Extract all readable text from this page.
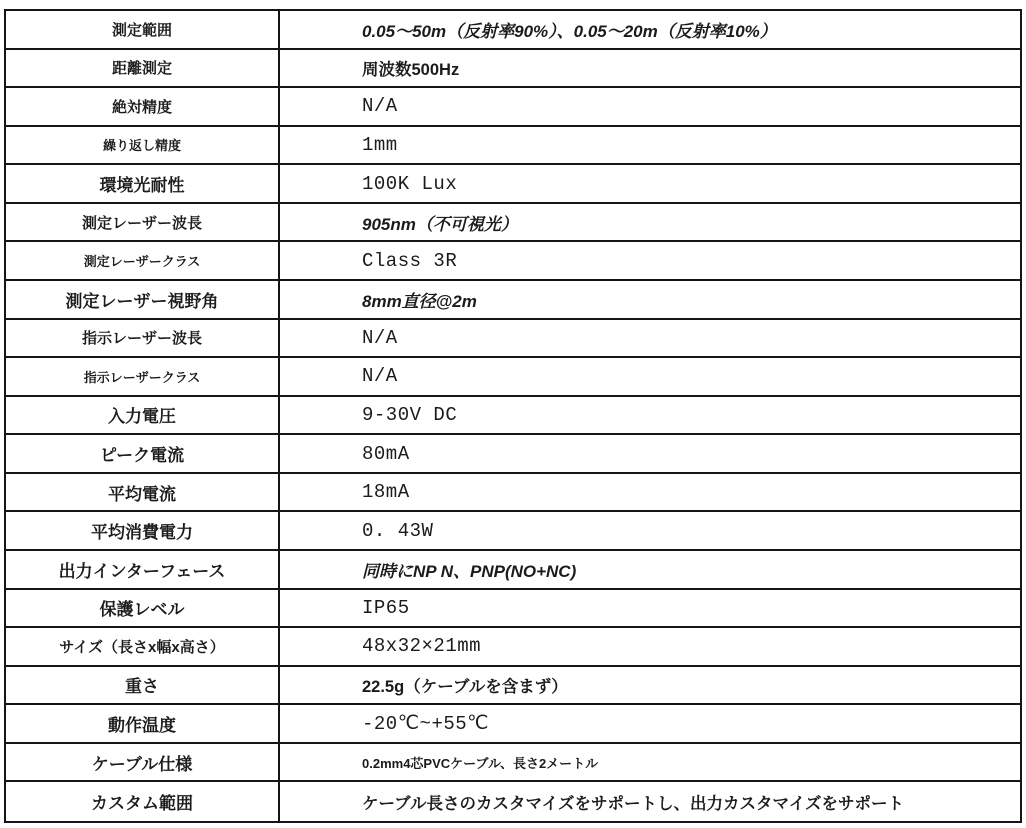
測定範囲	0.05～50m（反射率90%）、0.05～20m（反射率10%）
距離測定	周波数500Hz
絶対精度	N/A
繰り返し精度	1mm
環境光耐性	100K Lux
測定レーザー波長	905nm（不可視光）
測定レーザークラス	Class 3R
測定レーザー視野角	8mm直径@2m
指示レーザー波長	N/A
指示レーザークラス	N/A
入力電圧	9-30V DC
ピーク電流	80mA
平均電流	18mA
平均消費電力	0. 43W
出力インターフェース	同時にNP N、PNP(NO+NC)
保護レベル	IP65
サイズ（長さx幅x高さ）	48x32×21mm
重さ	22.5g（ケーブルを含まず）
動作温度	-20℃~+55℃
ケーブル仕様	0.2mm4芯PVCケーブル、長さ2メートル
カスタム範囲	ケーブル長さのカスタマイズをサポートし、出力カスタマイズをサポート
